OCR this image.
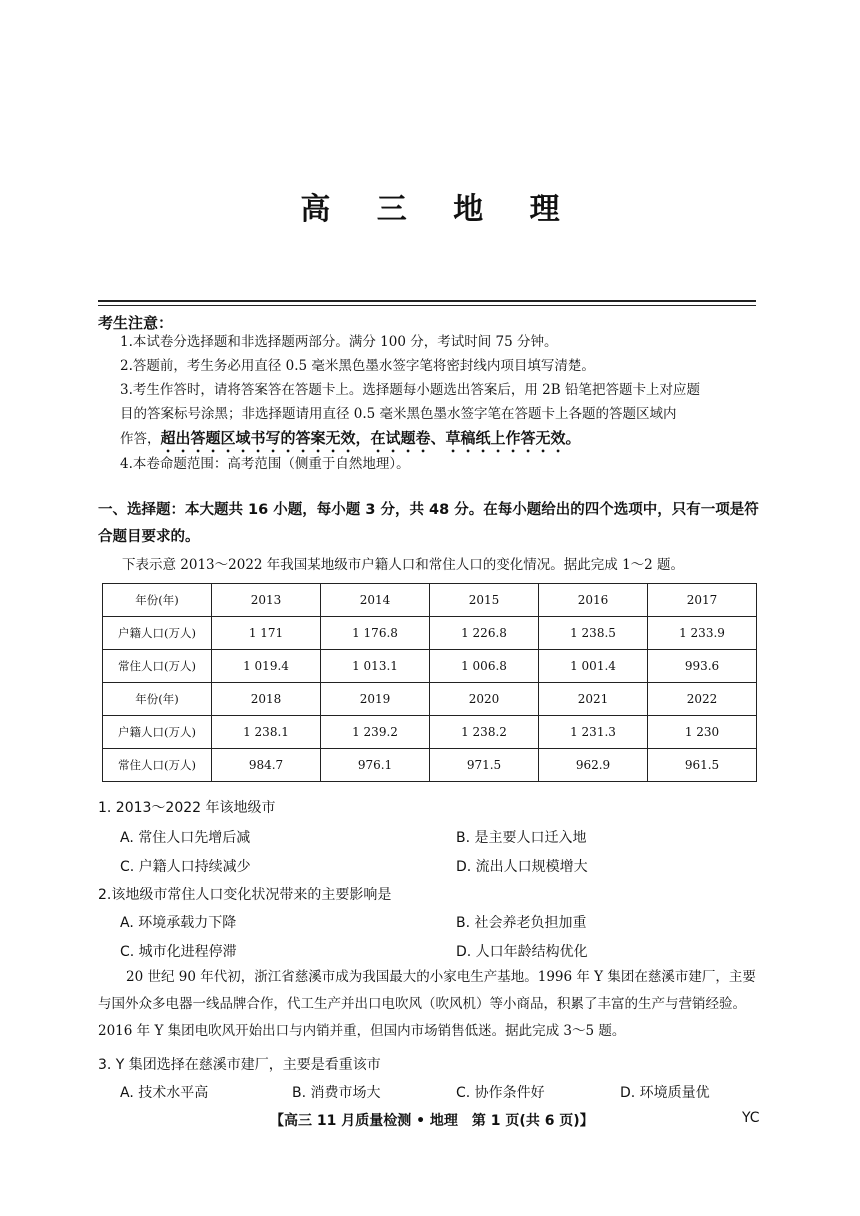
高 三 地 理
考生注意：
1.本试卷分选择题和非选择题两部分。满分 100 分，考试时间 75 分钟。
2.答题前，考生务必用直径 0.5 毫米黑色墨水签字笔将密封线内项目填写清楚。
3.考生作答时，请将答案答在答题卡上。选择题每小题选出答案后，用 2B 铅笔把答题卡上对应题
目的答案标号涂黑；非选择题请用直径 0.5 毫米黑色墨水签字笔在答题卡上各题的答题区域内
作答，超出答题区域书写的答案无效，在试题卷、草稿纸上作答无效。
4.本卷命题范围：高考范围（侧重于自然地理）。
一、选择题：本大题共 16 小题，每小题 3 分，共 48 分。在每小题给出的四个选项中，只有一项是符合题目要求的。
下表示意 2013～2022 年我国某地级市户籍人口和常住人口的变化情况。据此完成 1～2 题。
年份(年)	2013	2014	2015	2016	2017
户籍人口(万人)	1 171	1 176.8	1 226.8	1 238.5	1 233.9
常住人口(万人)	1 019.4	1 013.1	1 006.8	1 001.4	993.6
年份(年)	2018	2019	2020	2021	2022
户籍人口(万人)	1 238.1	1 239.2	1 238.2	1 231.3	1 230
常住人口(万人)	984.7	976.1	971.5	962.9	961.5
1. 2013～2022 年该地级市
A. 常住人口先增后减	B. 是主要人口迁入地
C. 户籍人口持续减少	D. 流出人口规模增大
2.该地级市常住人口变化状况带来的主要影响是
A. 环境承载力下降	B. 社会养老负担加重
C. 城市化进程停滞	D. 人口年龄结构优化
20 世纪 90 年代初，浙江省慈溪市成为我国最大的小家电生产基地。1996 年 Y 集团在慈溪市建厂，主要与国外众多电器一线品牌合作，代工生产并出口电吹风（吹风机）等小商品，积累了丰富的生产与营销经验。2016 年 Y 集团电吹风开始出口与内销并重，但国内市场销售低迷。据此完成 3～5 题。
3. Y 集团选择在慈溪市建厂，主要是看重该市
A. 技术水平高	B. 消费市场大	C. 协作条件好	D. 环境质量优
【高三 11 月质量检测 • 地理　第 1 页(共 6 页)】	YC
